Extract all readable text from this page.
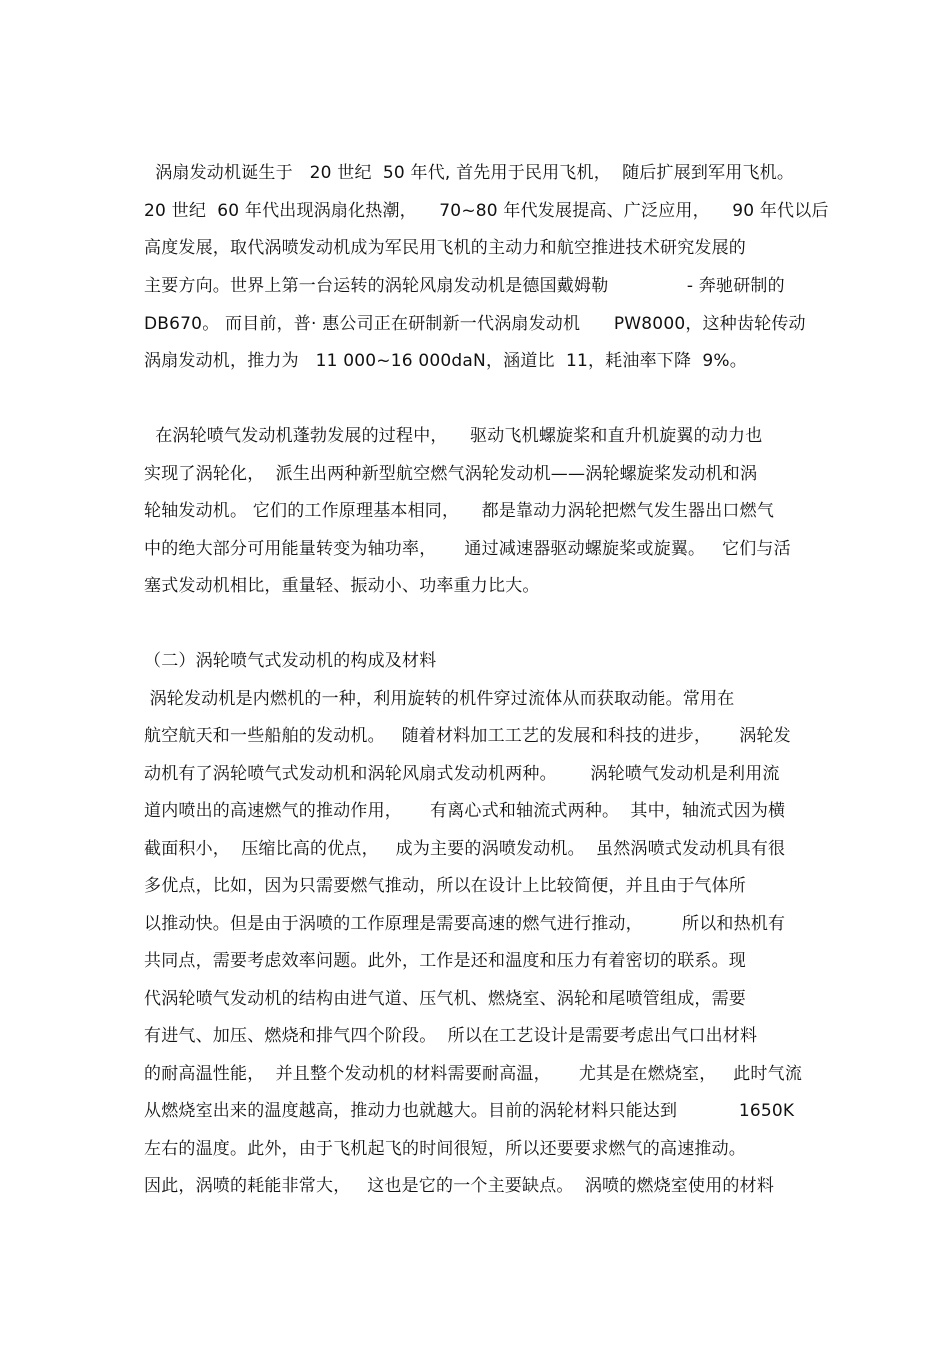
涡扇发动机诞生于   20 世纪  50 年代, 首先用于民用飞机，  随后扩展到军用飞机。
20 世纪  60 年代出现涡扇化热潮，    70~80 年代发展提高、广泛应用，    90 年代以后
高度发展，取代涡喷发动机成为军民用飞机的主动力和航空推进技术研究发展的
主要方向。世界上第一台运转的涡轮风扇发动机是德国戴姆勒              - 奔驰研制的
DB670。 而目前，普· 惠公司正在研制新一代涡扇发动机      PW8000，这种齿轮传动
涡扇发动机，推力为   11 000~16 000daN，涵道比  11，耗油率下降  9%。
在涡轮喷气发动机蓬勃发展的过程中，    驱动飞机螺旋桨和直升机旋翼的动力也
实现了涡轮化，  派生出两种新型航空燃气涡轮发动机——涡轮螺旋桨发动机和涡
轮轴发动机。 它们的工作原理基本相同，    都是靠动力涡轮把燃气发生器出口燃气
中的绝大部分可用能量转变为轴功率，     通过减速器驱动螺旋桨或旋翼。   它们与活
塞式发动机相比，重量轻、振动小、功率重力比大。
（二）涡轮喷气式发动机的构成及材料
涡轮发动机是内燃机的一种，利用旋转的机件穿过流体从而获取动能。常用在
航空航天和一些船舶的发动机。   随着材料加工工艺的发展和科技的进步，     涡轮发
动机有了涡轮喷气式发动机和涡轮风扇式发动机两种。      涡轮喷气发动机是利用流
道内喷出的高速燃气的推动作用，     有离心式和轴流式两种。  其中，轴流式因为横
截面积小，  压缩比高的优点，   成为主要的涡喷发动机。  虽然涡喷式发动机具有很
多优点，比如，因为只需要燃气推动，所以在设计上比较简便，并且由于气体所
以推动快。但是由于涡喷的工作原理是需要高速的燃气进行推动，       所以和热机有
共同点，需要考虑效率问题。此外，工作是还和温度和压力有着密切的联系。现
代涡轮喷气发动机的结构由进气道、压气机、燃烧室、涡轮和尾喷管组成，需要
有进气、加压、燃烧和排气四个阶段。  所以在工艺设计是需要考虑出气口出材料
的耐高温性能，  并且整个发动机的材料需要耐高温，     尤其是在燃烧室，   此时气流
从燃烧室出来的温度越高，推动力也就越大。目前的涡轮材料只能达到           1650K
左右的温度。此外，由于飞机起飞的时间很短，所以还要要求燃气的高速推动。
因此，涡喷的耗能非常大，   这也是它的一个主要缺点。  涡喷的燃烧室使用的材料
